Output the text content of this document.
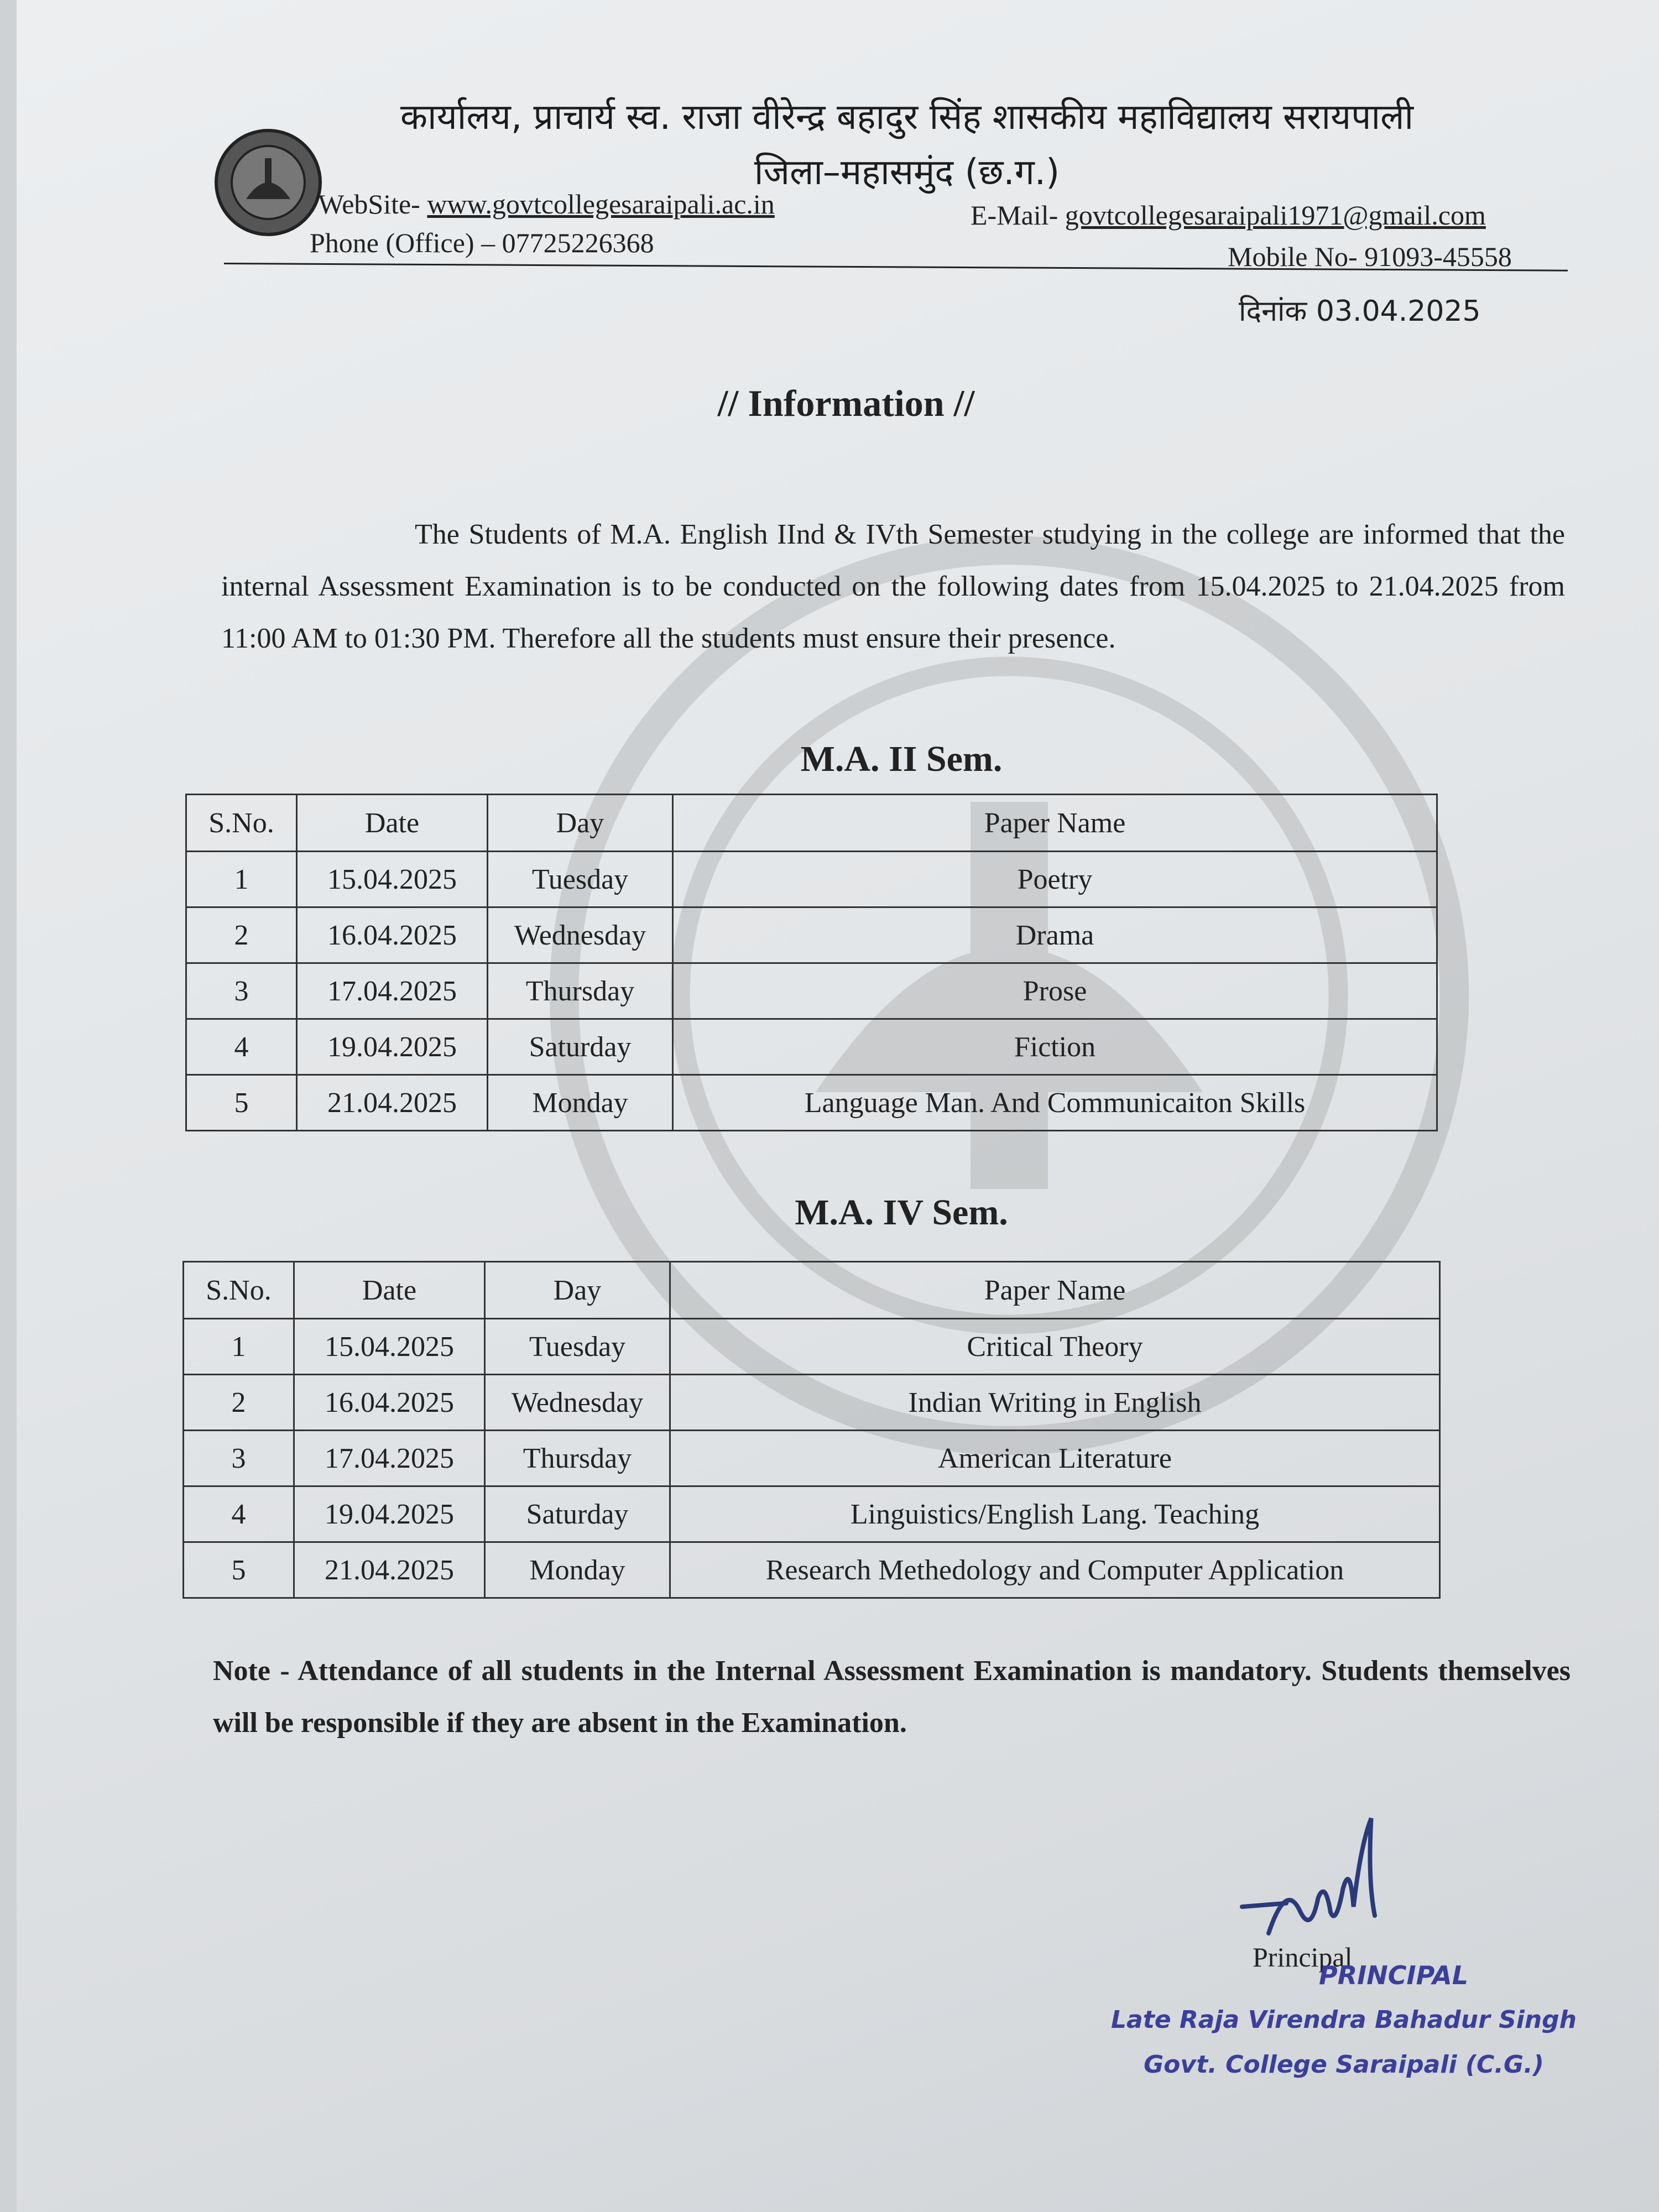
कार्यालय, प्राचार्य स्व. राजा वीरेन्द्र बहादुर सिंह शासकीय महाविद्यालय सरायपाली
जिला–महासमुंद (छ.ग.)
WebSite- www.govtcollegesaraipali.ac.in	E-Mail- govtcollegesaraipali1971@gmail.com
Phone (Office) – 07725226368	Mobile No- 91093-45558
दिनांक 03.04.2025
// Information //
The Students of M.A. English IInd & IVth Semester studying in the college are informed that the internal Assessment Examination is to be conducted on the following dates from 15.04.2025 to 21.04.2025 from 11:00 AM to 01:30 PM. Therefore all the students must ensure their presence.
M.A. II Sem.
S.No.	Date	Day	Paper Name
1	15.04.2025	Tuesday	Poetry
2	16.04.2025	Wednesday	Drama
3	17.04.2025	Thursday	Prose
4	19.04.2025	Saturday	Fiction
5	21.04.2025	Monday	Language Man. And Communicaiton Skills
M.A. IV Sem.
S.No.	Date	Day	Paper Name
1	15.04.2025	Tuesday	Critical Theory
2	16.04.2025	Wednesday	Indian Writing in English
3	17.04.2025	Thursday	American Literature
4	19.04.2025	Saturday	Linguistics/English Lang. Teaching
5	21.04.2025	Monday	Research Methedology and Computer Application
Note - Attendance of all students in the Internal Assessment Examination is mandatory. Students themselves will be responsible if they are absent in the Examination.
Principal
PRINCIPAL
Late Raja Virendra Bahadur Singh
Govt. College Saraipali (C.G.)
